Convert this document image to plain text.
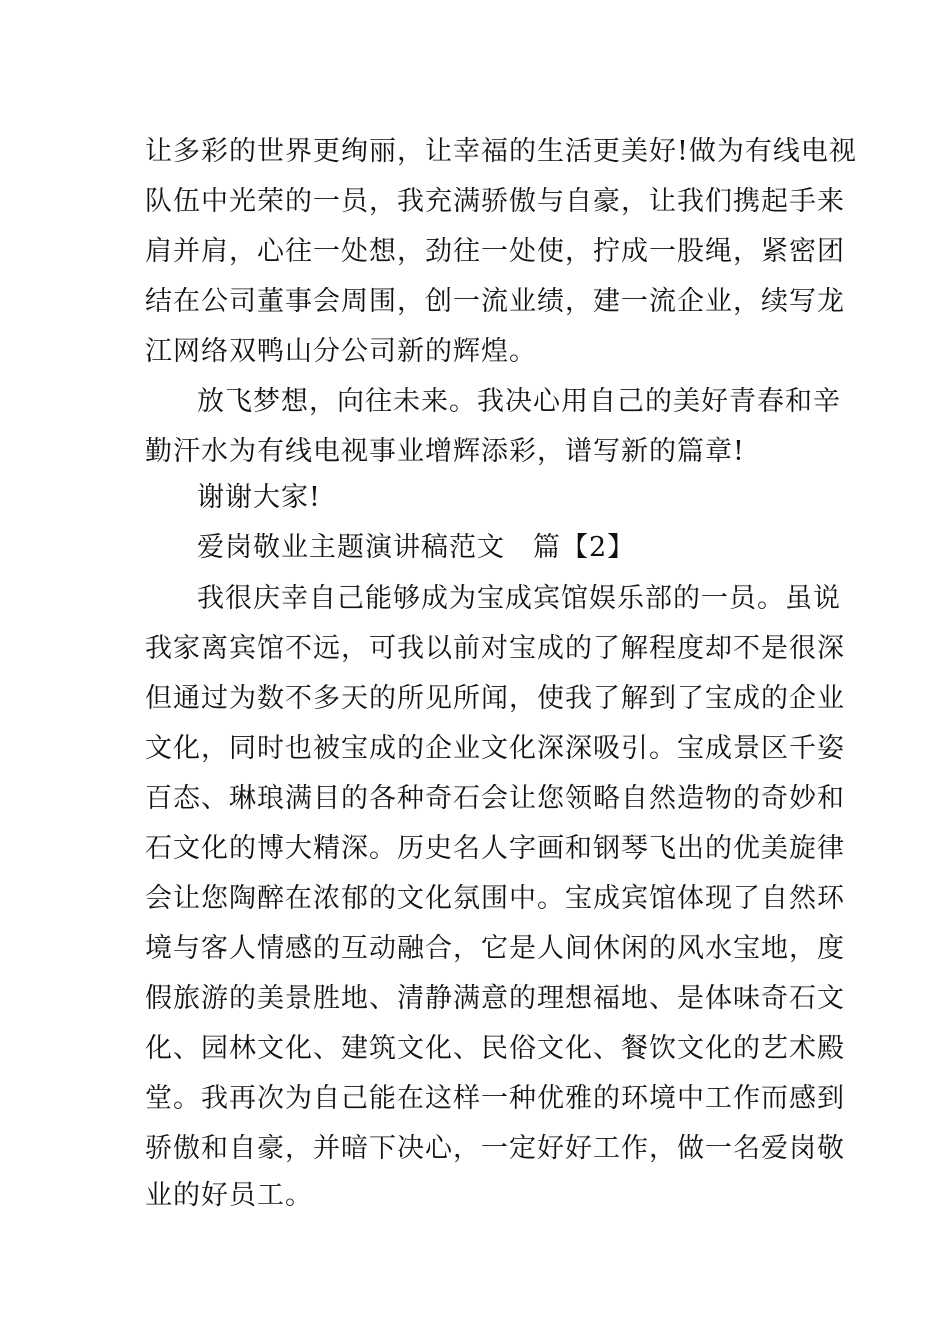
让多彩的世界更绚丽，让幸福的生活更美好!做为有线电视
队伍中光荣的一员，我充满骄傲与自豪，让我们携起手来
肩并肩，心往一处想，劲往一处使，拧成一股绳，紧密团
结在公司董事会周围，创一流业绩，建一流企业，续写龙
江网络双鸭山分公司新的辉煌。
放飞梦想，向往未来。我决心用自己的美好青春和辛
勤汗水为有线电视事业增辉添彩，谱写新的篇章!
谢谢大家!
爱岗敬业主题演讲稿范文　篇【2】
我很庆幸自己能够成为宝成宾馆娱乐部的一员。虽说
我家离宾馆不远，可我以前对宝成的了解程度却不是很深
但通过为数不多天的所见所闻，使我了解到了宝成的企业
文化，同时也被宝成的企业文化深深吸引。宝成景区千姿
百态、琳琅满目的各种奇石会让您领略自然造物的奇妙和
石文化的博大精深。历史名人字画和钢琴飞出的优美旋律
会让您陶醉在浓郁的文化氛围中。宝成宾馆体现了自然环
境与客人情感的互动融合，它是人间休闲的风水宝地，度
假旅游的美景胜地、清静满意的理想福地、是体味奇石文
化、园林文化、建筑文化、民俗文化、餐饮文化的艺术殿
堂。我再次为自己能在这样一种优雅的环境中工作而感到
骄傲和自豪，并暗下决心，一定好好工作，做一名爱岗敬
业的好员工。
